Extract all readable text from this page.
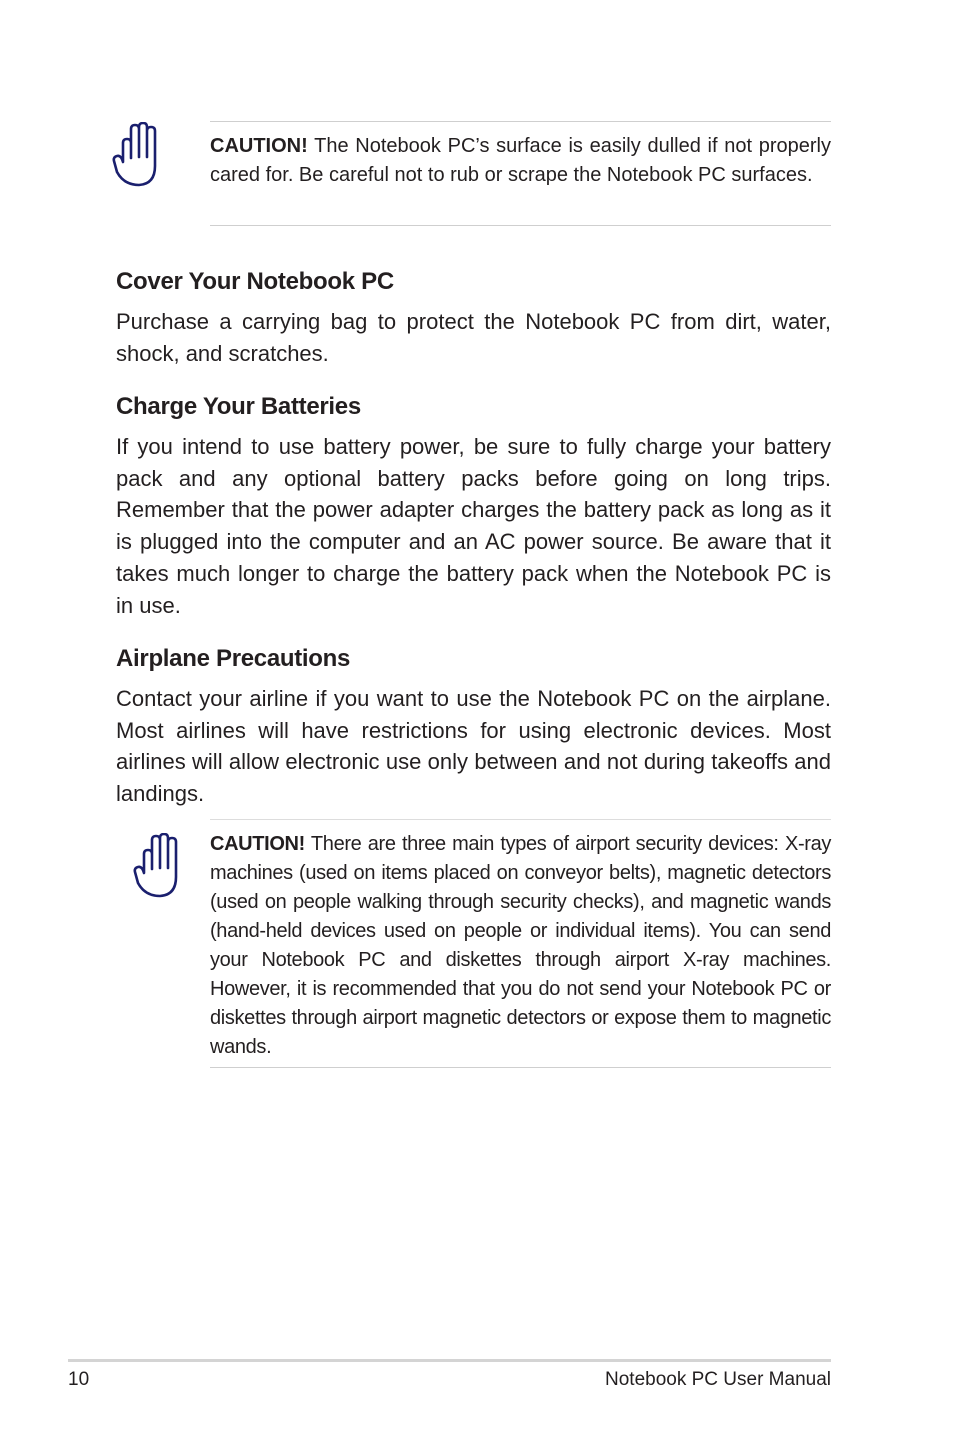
CAUTION! The Notebook PC’s surface is easily dulled if not properly cared for. Be careful not to rub or scrape the Notebook PC surfaces.

Cover Your Notebook PC

Purchase a carrying bag to protect the Notebook PC from dirt, water, shock, and scratches.

Charge Your Batteries

If you intend to use battery power, be sure to fully charge your battery pack and any optional battery packs before going on long trips. Remember that the power adapter charges the battery pack as long as it is plugged into the computer and an AC power source. Be aware that it takes much longer to charge the battery pack when the Notebook PC is in use.

Airplane Precautions

Contact your airline if you want to use the Notebook PC on the airplane. Most airlines will have restrictions for using electronic devices. Most airlines will allow electronic use only between and not during takeoffs and landings.

CAUTION! There are three main types of airport security devices: X-ray machines (used on items placed on conveyor belts), magnetic detectors (used on people walking through security checks), and magnetic wands (hand-held devices used on people or individual items). You can send your Notebook PC and diskettes through airport X-ray machines. However, it is recommended that you do not send your Notebook PC or diskettes through airport magnetic detectors or expose them to magnetic wands.

10	Notebook PC User Manual
